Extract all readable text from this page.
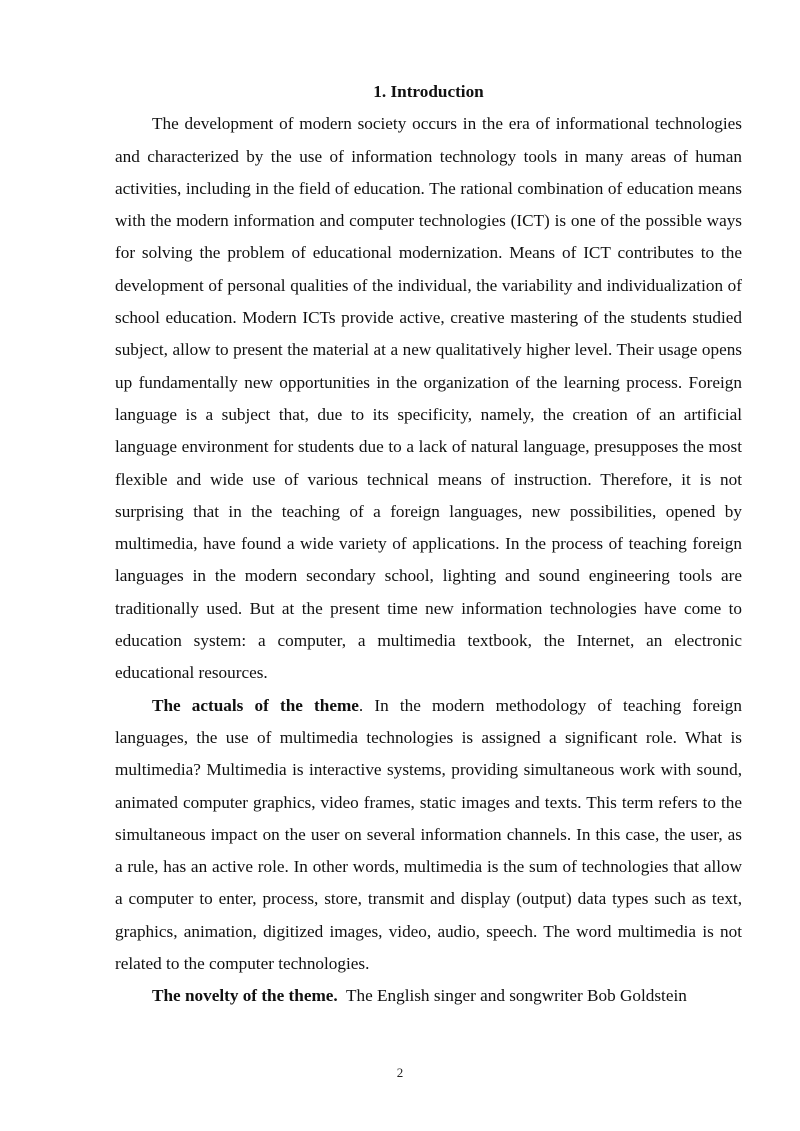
1. Introduction

The development of modern society occurs in the era of informational technologies and characterized by the use of information technology tools in many areas of human activities, including in the field of education. The rational combination of education means with the modern information and computer technologies (ICT) is one of the possible ways for solving the problem of educational modernization. Means of ICT contributes to the development of personal qualities of the individual, the variability and individualization of school education. Modern ICTs provide active, creative mastering of the students studied subject, allow to present the material at a new qualitatively higher level. Their usage opens up fundamentally new opportunities in the organization of the learning process. Foreign language is a subject that, due to its specificity, namely, the creation of an artificial language environment for students due to a lack of natural language, presupposes the most flexible and wide use of various technical means of instruction. Therefore, it is not surprising that in the teaching of a foreign languages, new possibilities, opened by multimedia, have found a wide variety of applications. In the process of teaching foreign languages in the modern secondary school, lighting and sound engineering tools are traditionally used. But at the present time new information technologies have come to education system: a computer, a multimedia textbook, the Internet, an electronic educational resources.

The actuals of the theme. In the modern methodology of teaching foreign languages, the use of multimedia technologies is assigned a significant role. What is multimedia? Multimedia is interactive systems, providing simultaneous work with sound, animated computer graphics, video frames, static images and texts. This term refers to the simultaneous impact on the user on several information channels. In this case, the user, as a rule, has an active role. In other words, multimedia is the sum of technologies that allow a computer to enter, process, store, transmit and display (output) data types such as text, graphics, animation, digitized images, video, audio, speech. The word multimedia is not related to the computer technologies.

The novelty of the theme.  The English singer and songwriter Bob Goldstein

2
